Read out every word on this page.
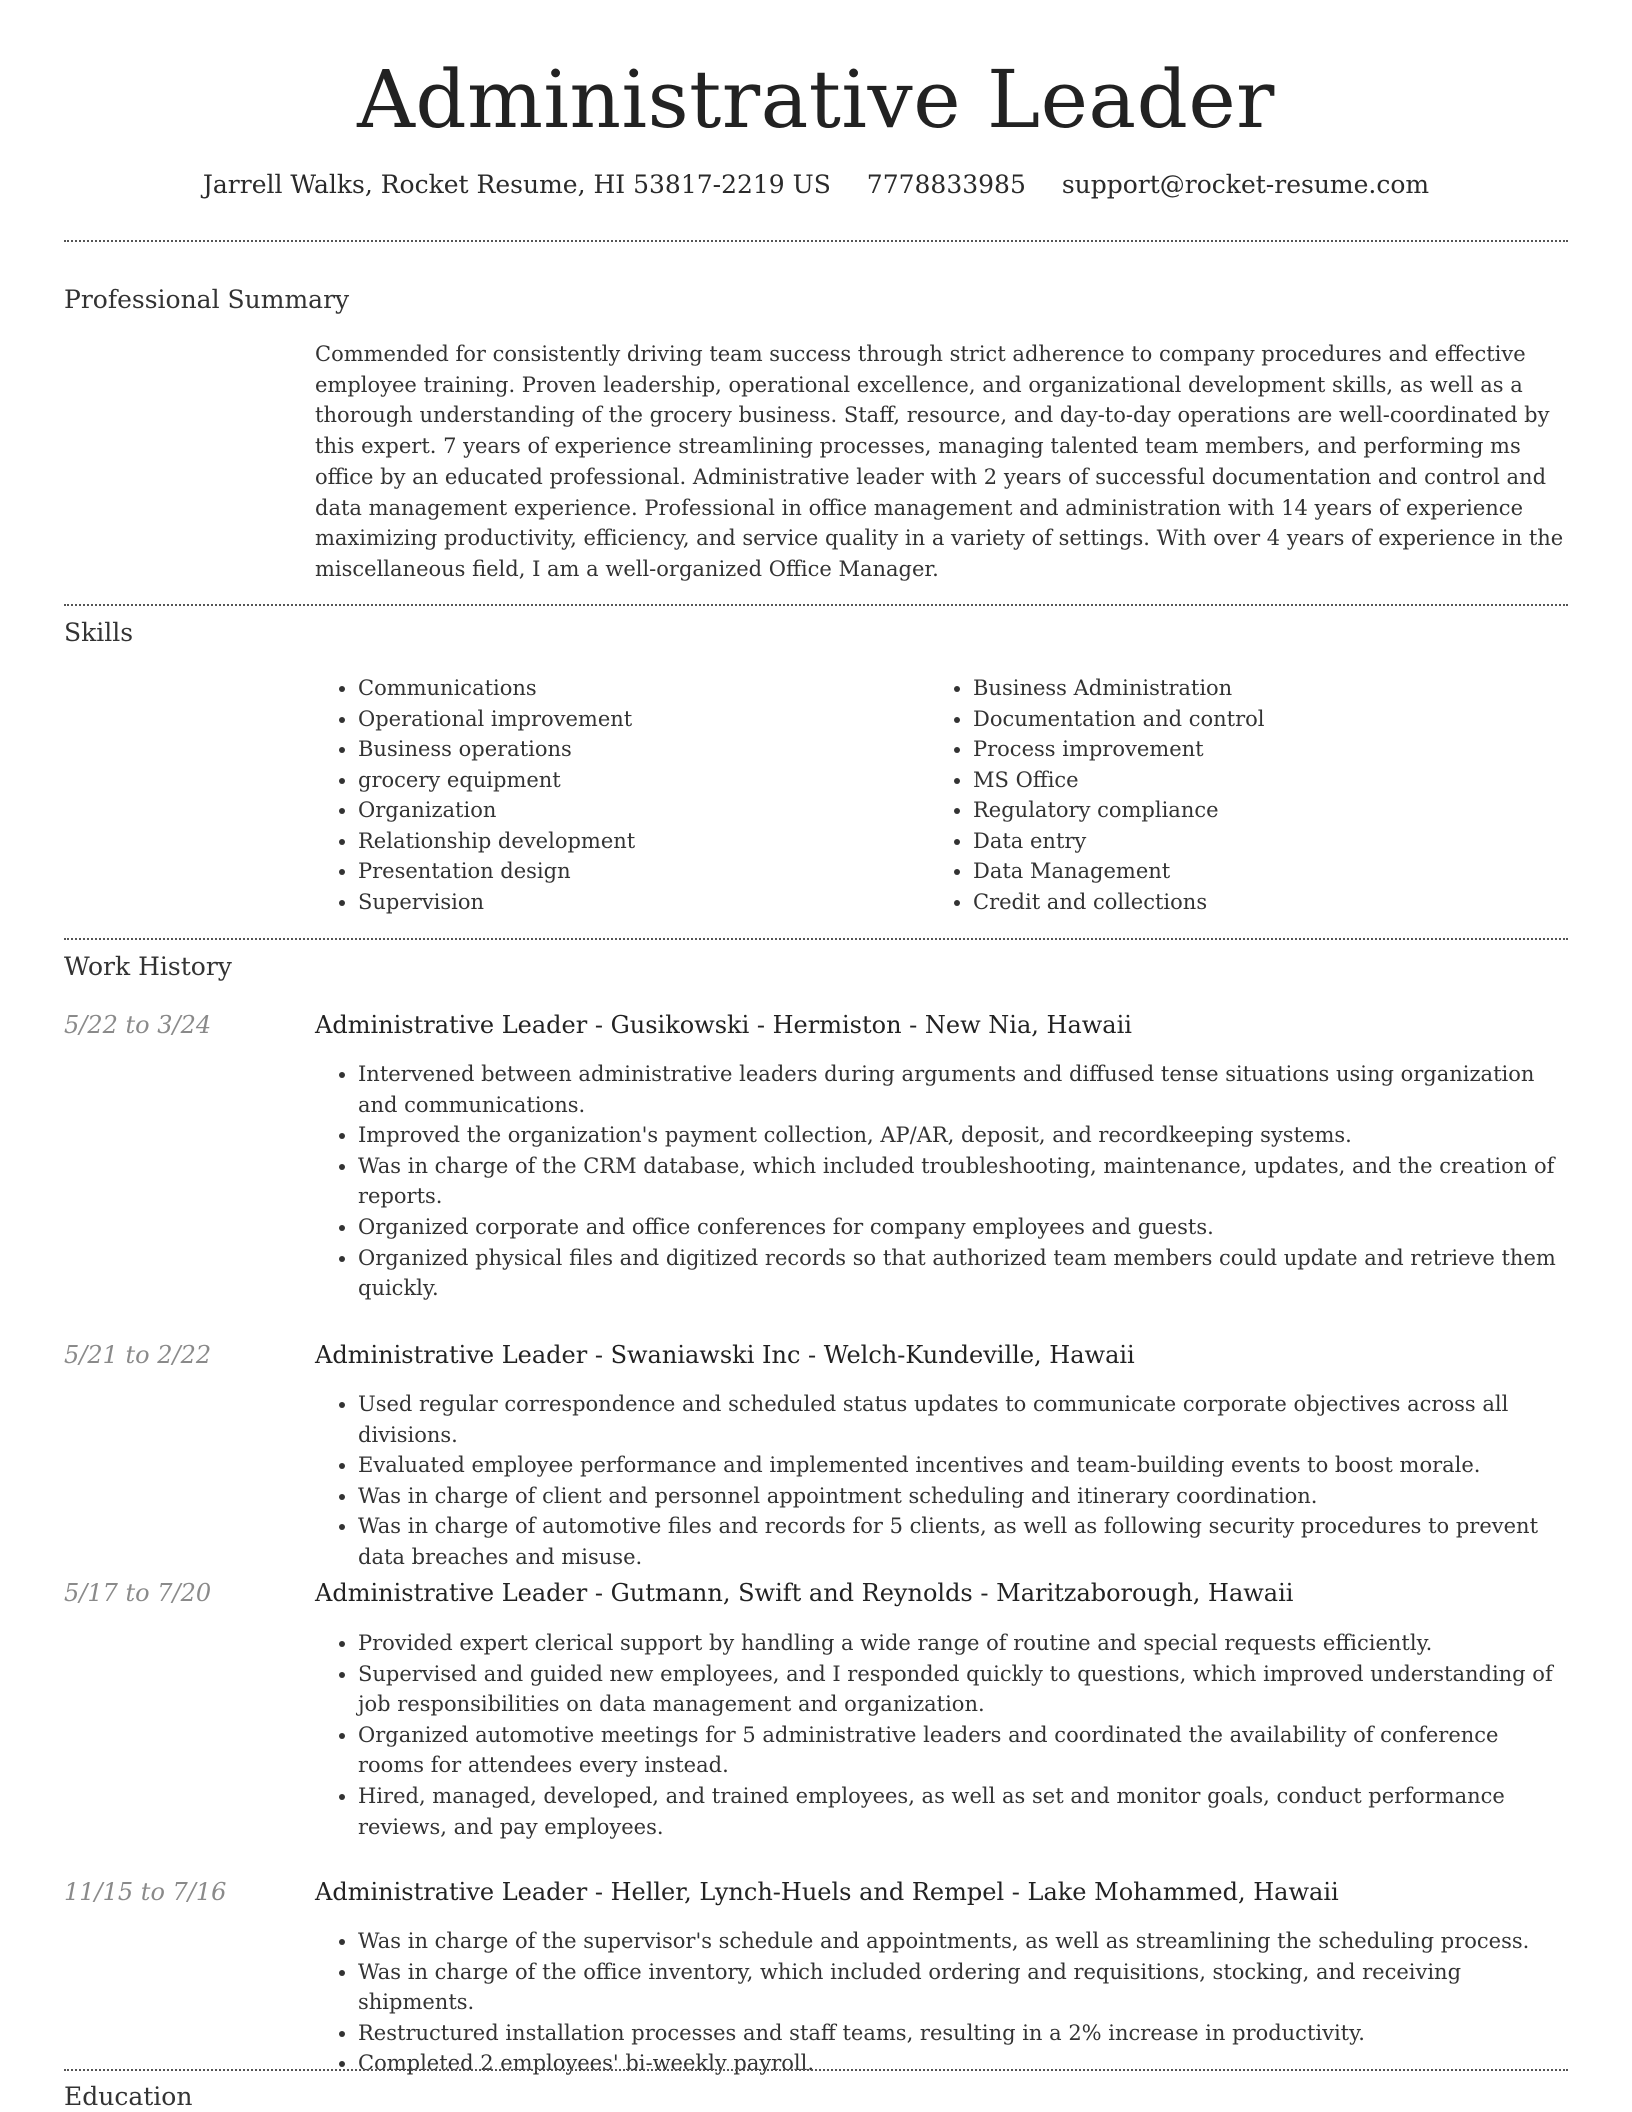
Administrative Leader
Jarrell Walks, Rocket Resume, HI 53817-2219 US 7778833985 support@rocket-resume.com
Professional Summary
Commended for consistently driving team success through strict adherence to company procedures and effective employee training. Proven leadership, operational excellence, and organizational development skills, as well as a thorough understanding of the grocery business. Staff, resource, and day-to-day operations are well-coordinated by this expert. 7 years of experience streamlining processes, managing talented team members, and performing ms office by an educated professional. Administrative leader with 2 years of successful documentation and control and data management experience. Professional in office management and administration with 14 years of experience maximizing productivity, efficiency, and service quality in a variety of settings. With over 4 years of experience in the miscellaneous field, I am a well-organized Office Manager.
Skills
• Communications
• Operational improvement
• Business operations
• grocery equipment
• Organization
• Relationship development
• Presentation design
• Supervision
• Business Administration
• Documentation and control
• Process improvement
• MS Office
• Regulatory compliance
• Data entry
• Data Management
• Credit and collections
Work History
5/22 to 3/24	Administrative Leader - Gusikowski - Hermiston - New Nia, Hawaii
• Intervened between administrative leaders during arguments and diffused tense situations using organization and communications.
• Improved the organization's payment collection, AP/AR, deposit, and recordkeeping systems.
• Was in charge of the CRM database, which included troubleshooting, maintenance, updates, and the creation of reports.
• Organized corporate and office conferences for company employees and guests.
• Organized physical files and digitized records so that authorized team members could update and retrieve them quickly.
5/21 to 2/22	Administrative Leader - Swaniawski Inc - Welch-Kundeville, Hawaii
• Used regular correspondence and scheduled status updates to communicate corporate objectives across all divisions.
• Evaluated employee performance and implemented incentives and team-building events to boost morale.
• Was in charge of client and personnel appointment scheduling and itinerary coordination.
• Was in charge of automotive files and records for 5 clients, as well as following security procedures to prevent data breaches and misuse.
5/17 to 7/20	Administrative Leader - Gutmann, Swift and Reynolds - Maritzaborough, Hawaii
• Provided expert clerical support by handling a wide range of routine and special requests efficiently.
• Supervised and guided new employees, and I responded quickly to questions, which improved understanding of job responsibilities on data management and organization.
• Organized automotive meetings for 5 administrative leaders and coordinated the availability of conference rooms for attendees every instead.
• Hired, managed, developed, and trained employees, as well as set and monitor goals, conduct performance reviews, and pay employees.
11/15 to 7/16	Administrative Leader - Heller, Lynch-Huels and Rempel - Lake Mohammed, Hawaii
• Was in charge of the supervisor's schedule and appointments, as well as streamlining the scheduling process.
• Was in charge of the office inventory, which included ordering and requisitions, stocking, and receiving shipments.
• Restructured installation processes and staff teams, resulting in a 2% increase in productivity.
• Completed 2 employees' bi-weekly payroll.
Education
